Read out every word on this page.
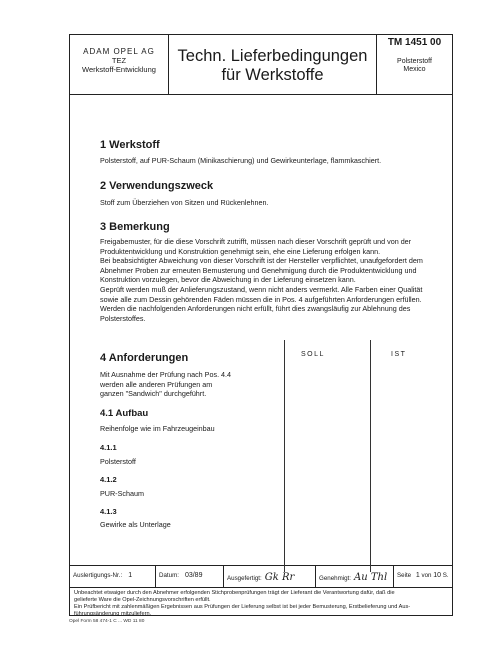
ADAM OPEL AG
TEZ
Werkstoff-Entwicklung
Techn. Lieferbedingungen
für Werkstoffe
TM 1451 00
Polsterstoff
Mexico
1 Werkstoff
Polsterstoff, auf PUR-Schaum (Minikaschierung) und Gewirkeunterlage, flammkaschiert.
2 Verwendungszweck
Stoff zum Überziehen von Sitzen und Rückenlehnen.
3 Bemerkung
Freigabemuster, für die diese Vorschrift zutrifft, müssen nach dieser Vorschrift geprüft und von der
Produktentwicklung und Konstruktion genehmigt sein, ehe eine Lieferung erfolgen kann.
Bei beabsichtigter Abweichung von dieser Vorschrift ist der Hersteller verpflichtet, unaufgefordert dem
Abnehmer Proben zur erneuten Bemusterung und Genehmigung durch die Produktentwicklung und
Konstruktion vorzulegen, bevor die Abweichung in der Lieferung einsetzen kann.
Geprüft werden muß der Anlieferungszustand, wenn nicht anders vermerkt. Alle Farben einer Qualität
sowie alle zum Dessin gehörenden Fäden müssen die in Pos. 4 aufgeführten Anforderungen erfüllen.
Werden die nachfolgenden Anforderungen nicht erfüllt, führt dies zwangsläufig zur Ablehnung des
Polsterstoffes.
SOLL	IST
4 Anforderungen
Mit Ausnahme der Prüfung nach Pos. 4.4
werden alle anderen Prüfungen am
ganzen "Sandwich" durchgeführt.
4.1 Aufbau
Reihenfolge wie im Fahrzeugeinbau
4.1.1
Polsterstoff
4.1.2
PUR-Schaum
4.1.3
Gewirke als Unterlage
Auslertigungs-Nr.: 1	Datum: 03/89	Ausgefertigt: Gk Rr	Genehmigt: Au Thl	Seite 1 von 10 S.
Unbeachtet etwaiger durch den Abnehmer erfolgenden Stichprobenprüfungen trägt der Lieferant die Verantwortung dafür, daß die
gelieferte Ware die Opel-Zeichnungsvorschriften erfüllt.
Ein Prüfbericht mit zahlenmäßigen Ergebnissen aus Prüfungen der Lieferung selbst ist bei jeder Bemusterung, Erstbelieferung und Aus-
führungsänderung mitzuliefern.
Opel Form 58 474-1 C ... WD 11 80
